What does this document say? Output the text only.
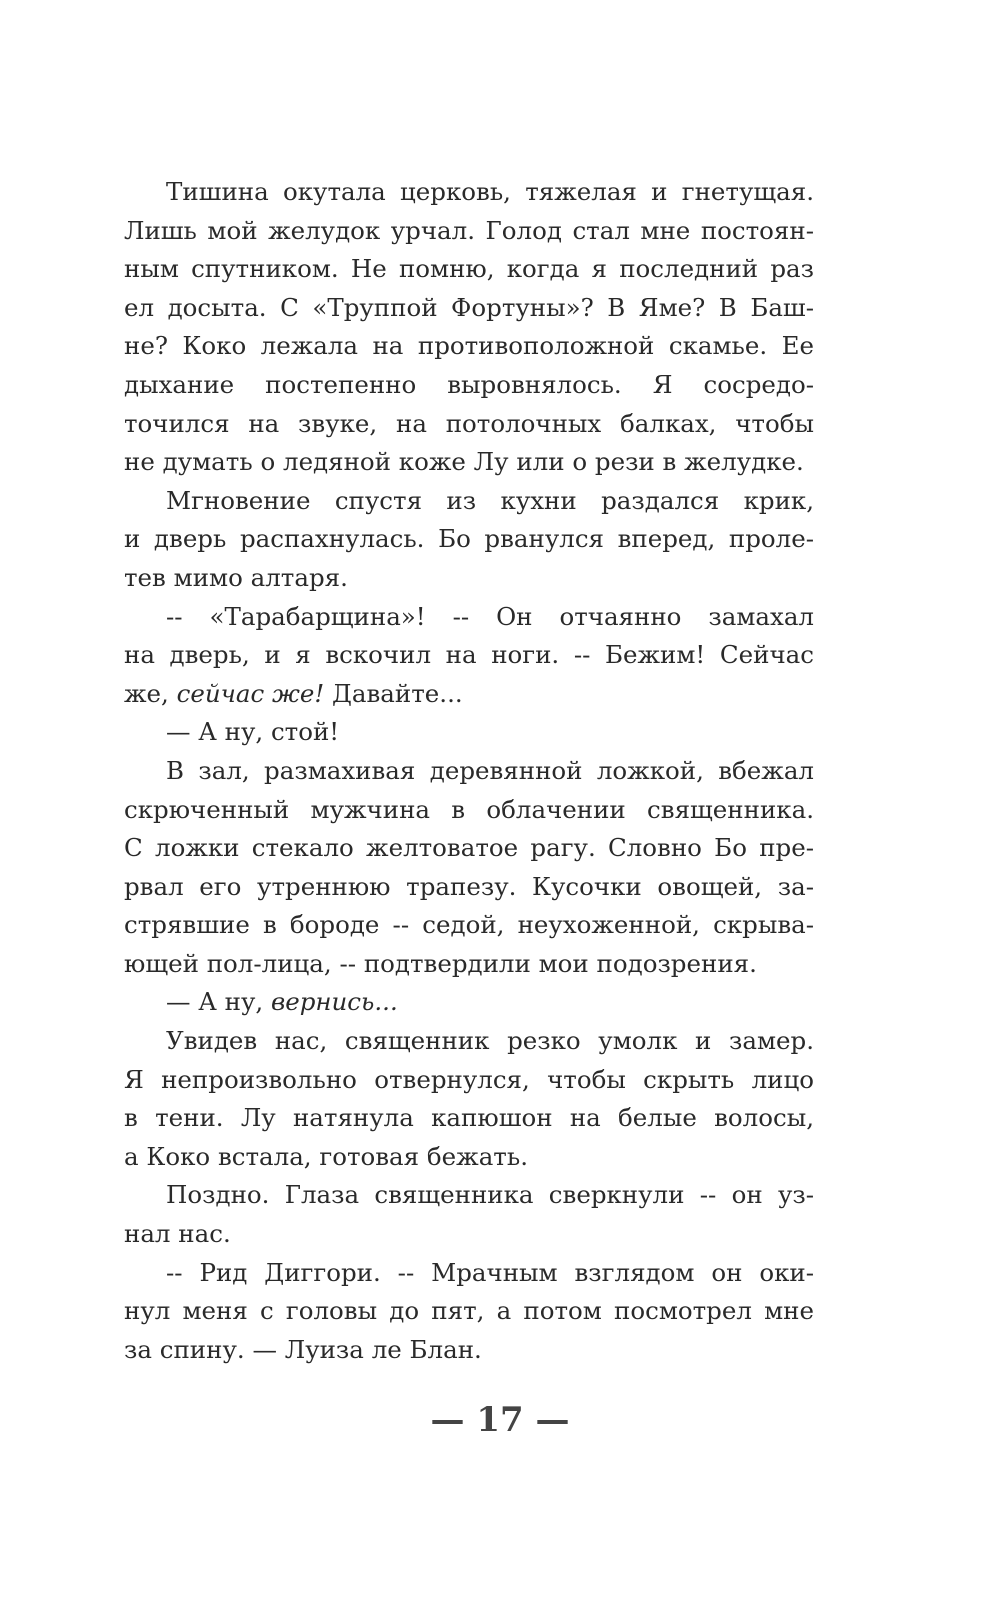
Тишина окутала церковь, тяжелая и гнетущая.
Лишь мой желудок урчал. Голод стал мне постоян-
ным спутником. Не помню, когда я последний раз
ел досыта. С «Труппой Фортуны»? В Яме? В Баш-
не? Коко лежала на противоположной скамье. Ее
дыхание постепенно выровнялось. Я сосредо-
точился на звуке, на потолочных балках, чтобы
не думать о ледяной коже Лу или о рези в желудке.
Мгновение спустя из кухни раздался крик,
и дверь распахнулась. Бо рванулся вперед, проле-
тев мимо алтаря.
-- «Тарабарщина»! -- Он отчаянно замахал
на дверь, и я вскочил на ноги. -- Бежим! Сейчас
же, сейчас же! Давайте...
— А ну, стой!
В зал, размахивая деревянной ложкой, вбежал
скрюченный мужчина в облачении священника.
С ложки стекало желтоватое рагу. Словно Бо пре-
рвал его утреннюю трапезу. Кусочки овощей, за-
стрявшие в бороде -- седой, неухоженной, скрыва-
ющей пол-лица, -- подтвердили мои подозрения.
— А ну, вернись...
Увидев нас, священник резко умолк и замер.
Я непроизвольно отвернулся, чтобы скрыть лицо
в тени. Лу натянула капюшон на белые волосы,
а Коко встала, готовая бежать.
Поздно. Глаза священника сверкнули -- он уз-
нал нас.
-- Рид Диггори. -- Мрачным взглядом он оки-
нул меня с головы до пят, а потом посмотрел мне
за спину. — Луиза ле Блан.
— 17 —
